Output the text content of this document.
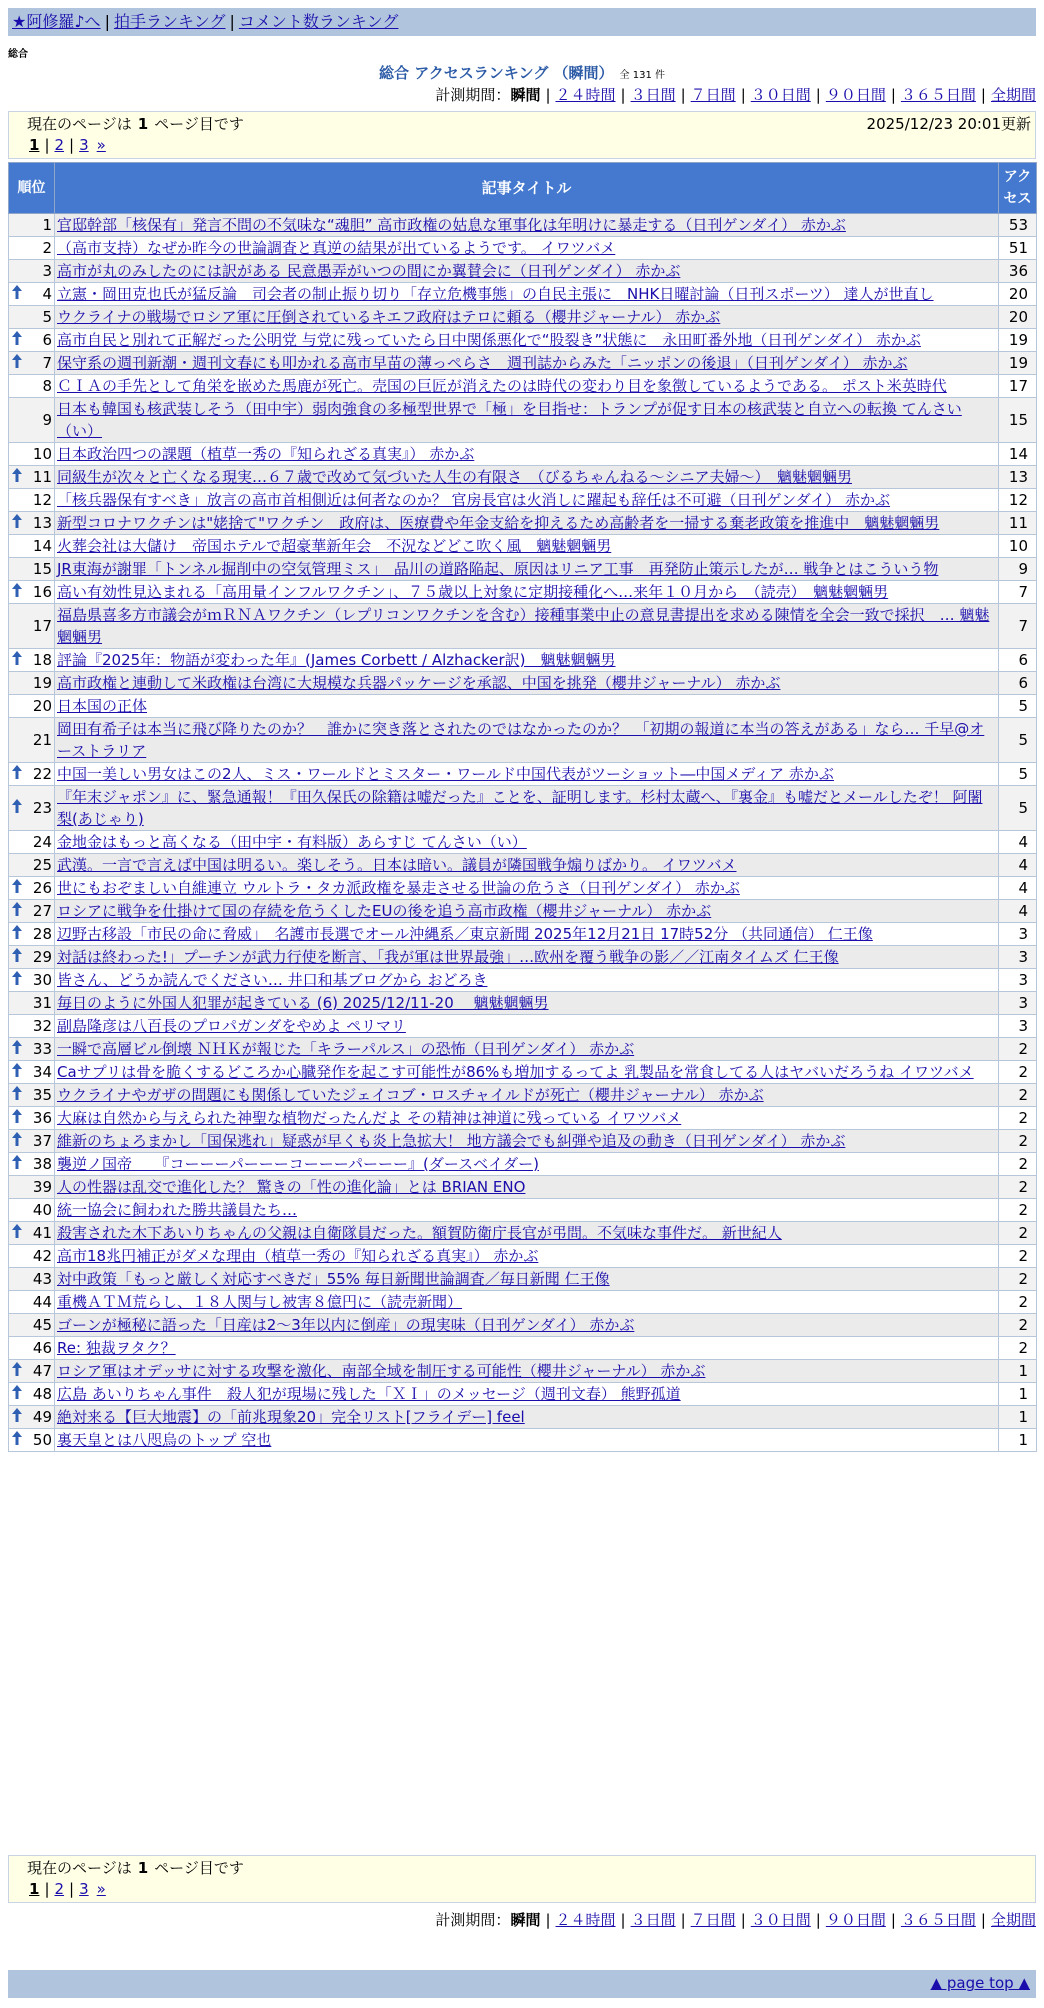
★阿修羅♪へ | 拍手ランキング | コメント数ランキング
総合
総合 アクセスランキング （瞬間） 全 131 件
計測期間：瞬間 | ２４時間 | ３日間 | ７日間 | ３０日間 | ９０日間 | ３６５日間 | 全期間
現在のページは 1 ページ目です	2025/12/23 20:01更新
1 | 2 | 3 »
順位	記事タイトル	アクセス
1	官邸幹部「核保有」発言不問の不気味な“魂胆” 高市政権の姑息な軍事化は年明けに暴走する（日刊ゲンダイ） 赤かぶ	53
2	（高市支持）なぜか昨今の世論調査と真逆の結果が出ているようです。 イワツバメ	51
3	高市が丸のみしたのには訳がある 民意愚弄がいつの間にか翼賛会に（日刊ゲンダイ） 赤かぶ	36

4	立憲・岡田克也氏が猛反論　司会者の制止振り切り「存立危機事態」の自民主張に　NHK日曜討論（日刊スポーツ） 達人が世直し	20
5	ウクライナの戦場でロシア軍に圧倒されているキエフ政府はテロに頼る（櫻井ジャーナル） 赤かぶ	20

6	高市自民と別れて正解だった公明党 与党に残っていたら日中関係悪化で“股裂き”状態に　永田町番外地（日刊ゲンダイ） 赤かぶ	19

7	保守系の週刊新潮・週刊文春にも叩かれる高市早苗の薄っぺらさ　週刊誌からみた「ニッポンの後退」（日刊ゲンダイ） 赤かぶ	19
8	ＣＩＡの手先として角栄を嵌めた馬鹿が死亡。売国の巨匠が消えたのは時代の変わり目を象徴しているようである。 ポスト米英時代	17
9	日本も韓国も核武装しそう（田中宇）弱肉強食の多極型世界で「極」を目指せ：トランプが促す日本の核武装と自立への転換 てんさい（い）	15
10	日本政治四つの課題（植草一秀の『知られざる真実』） 赤かぶ	14

11	同級生が次々と亡くなる現実…６７歳で改めて気づいた人生の有限さ　（びるちゃんねる～シニア夫婦～）　魑魅魍魎男	13
12	「核兵器保有すべき」放言の高市首相側近は何者なのか？ 官房長官は火消しに躍起も辞任は不可避（日刊ゲンダイ） 赤かぶ	12

13	新型コロナワクチンは"姥捨て"ワクチン　政府は、医療費や年金支給を抑えるため高齢者を一掃する棄老政策を推進中　魑魅魍魎男	11
14	火葬会社は大儲け　帝国ホテルで超豪華新年会　不況などどこ吹く風　魑魅魍魎男	10
15	JR東海が謝罪「トンネル掘削中の空気管理ミス」　品川の道路陥起、原因はリニア工事　再発防止策示したが… 戦争とはこういう物	9

16	高い有効性見込まれる「高用量インフルワクチン」、７５歳以上対象に定期接種化へ…来年１０月から　（読売）　魑魅魍魎男	7
17	福島県喜多方市議会がｍＲＮＡワクチン（レプリコンワクチンを含む）接種事業中止の意見書提出を求める陳情を全会一致で採択　… 魑魅魍魎男	7

18	評論『2025年：物語が変わった年』(James Corbett / Alzhacker訳)　魑魅魍魎男	6
19	高市政権と連動して米政権は台湾に大規模な兵器パッケージを承認、中国を挑発（櫻井ジャーナル） 赤かぶ	6
20	日本国の正体	5
21	岡田有希子は本当に飛び降りたのか？　誰かに突き落とされたのではなかったのか？　「初期の報道に本当の答えがある」なら… 千早@オーストラリア	5

22	中国一美しい男女はこの2人、ミス・ワールドとミスター・ワールド中国代表がツーショット―中国メディア 赤かぶ	5

23	『年末ジャポン』に、緊急通報！『田久保氏の除籍は嘘だった』ことを、証明します。杉村太蔵へ、『裏金』も嘘だとメールしたぞ！ 阿闍梨(あじゃり)	5
24	金地金はもっと高くなる（田中宇・有料版）あらすじ てんさい（い）	4
25	武漢。一言で言えば中国は明るい。楽しそう。日本は暗い。議員が隣国戦争煽りばかり。 イワツバメ	4

26	世にもおぞましい自維連立 ウルトラ・タカ派政権を暴走させる世論の危うさ（日刊ゲンダイ） 赤かぶ	4

27	ロシアに戦争を仕掛けて国の存続を危うくしたEUの後を追う高市政権（櫻井ジャーナル） 赤かぶ	4

28	辺野古移設「市民の命に脅威」　名護市長選でオール沖縄系／東京新聞 2025年12月21日 17時52分 （共同通信） 仁王像	3

29	対話は終わった!」プーチンが武力行使を断言、「我が軍は世界最強」…欧州を覆う戦争の影／／江南タイムズ 仁王像	3

30	皆さん、どうか読んでください… 井口和基ブログから おどろき	3
31	毎日のように外国人犯罪が起きている (6) 2025/12/11-20　 魑魅魍魎男	3
32	副島隆彦は八百長のプロパガンダをやめよ ペリマリ	3

33	一瞬で高層ビル倒壊 ＮＨＫが報じた「キラーパルス」の恐怖（日刊ゲンダイ） 赤かぶ	2

34	Caサプリは骨を脆くするどころか心臓発作を起こす可能性が86%も増加するってよ 乳製品を常食してる人はヤバいだろうね イワツバメ	2

35	ウクライナやガザの問題にも関係していたジェイコブ・ロスチャイルドが死亡（櫻井ジャーナル） 赤かぶ	2

36	大麻は自然から与えられた神聖な植物だったんだよ その精神は神道に残っている イワツバメ	2

37	維新のちょろまかし「国保逃れ」疑惑が早くも炎上急拡大！ 地方議会でも糾弾や追及の動き（日刊ゲンダイ） 赤かぶ	2

38	襲逆ノ国帝　　『コーーーパーーーコーーーパーーー』(ダースベイダー)	2
39	人の性器は乱交で進化した？ 驚きの「性の進化論」とは BRIAN ENO	2
40	統一協会に飼われた勝共議員たち…	2

41	殺害された木下あいりちゃんの父親は自衛隊員だった。額賀防衛庁長官が弔問。不気味な事件だ。 新世紀人	2
42	高市18兆円補正がダメな理由（植草一秀の『知られざる真実』） 赤かぶ	2
43	対中政策「もっと厳しく対応すべきだ」55% 毎日新聞世論調査／毎日新聞 仁王像	2
44	重機ＡＴＭ荒らし、１８人関与し被害８億円に（読売新聞）	2
45	ゴーンが極秘に語った「日産は2～3年以内に倒産」の現実味（日刊ゲンダイ） 赤かぶ	2
46	Re: 独裁ヲタク？	2

47	ロシア軍はオデッサに対する攻撃を激化、南部全域を制圧する可能性（櫻井ジャーナル） 赤かぶ	1

48	広島 あいりちゃん事件　殺人犯が現場に残した「ＸＩ」のメッセージ（週刊文春） 熊野孤道	1

49	絶対来る【巨大地震】の「前兆現象20」完全リスト[フライデー] feel	1

50	裏天皇とは八咫烏のトップ 空也	1
現在のページは 1 ページ目です
1 | 2 | 3 »
計測期間：瞬間 | ２４時間 | ３日間 | ７日間 | ３０日間 | ９０日間 | ３６５日間 | 全期間
▲ page top ▲
